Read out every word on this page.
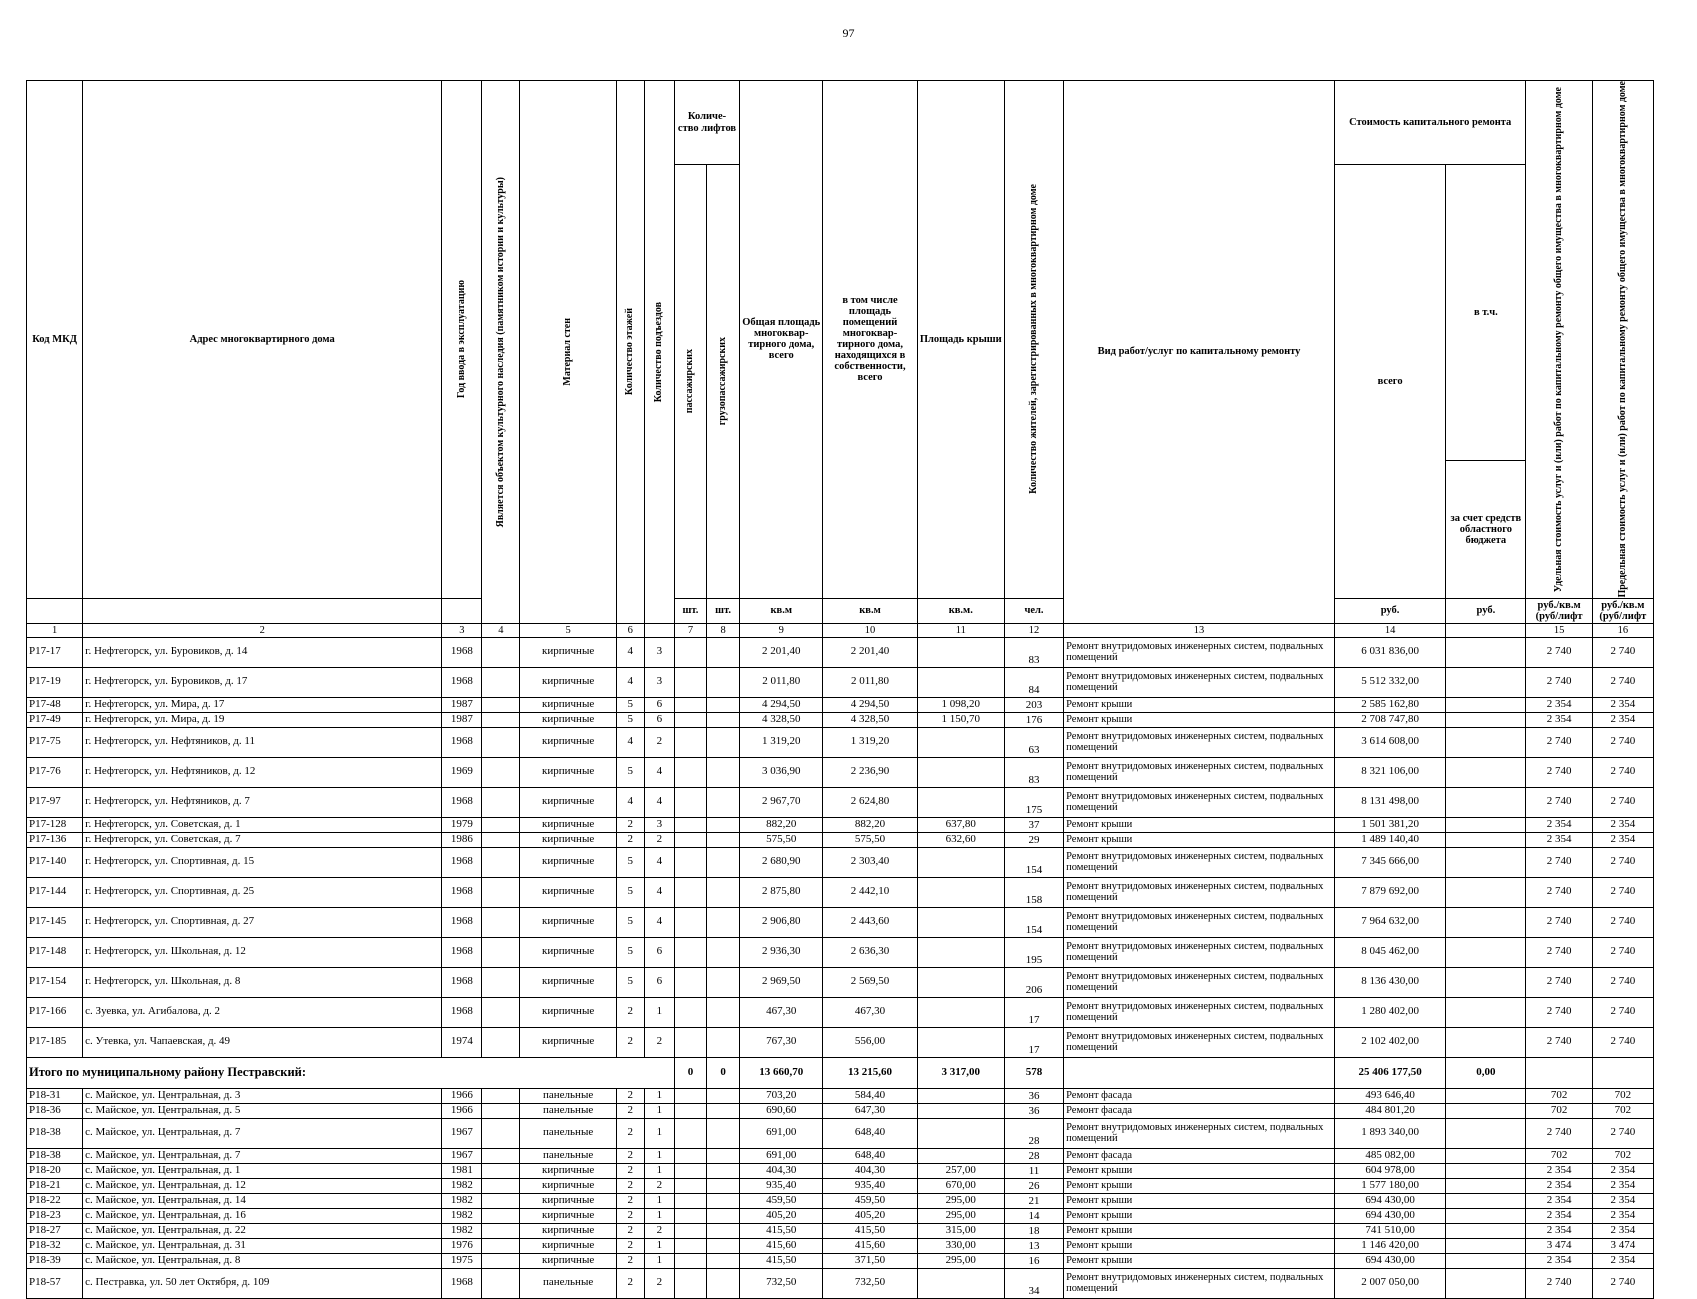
97
Код МКД	Адрес многоквартирного дома	Год ввода в эксплуатацию	Является объектом культурного наследия (памятником истории и культуры)	Материал стен	Количество этажей	Количество подъездов	Количе- ство лифтов		Общая площадь многоквар- тирного дома, всего	в том числе площадь помещений многоквар- тирного дома, находящихся в собственности, всего	Площадь крыши	Количество жителей, зарегистрированных в многоквартирном доме	Вид работ/услуг по капитальному ремонту	Стоимость капитального ремонта		Удельная стоимость услуг и (или) работ по капитальному ремонту общего имущества в многоквартирном доме	Предельная стоимость услуг и (или) работ по капитальному ремонту общего имущества в многоквартирном доме

							пассажирских	грузопассажирских						всего	в т.ч.		
															за счет средств областного бюджета		
							шт.	шт.	кв.м	кв.м	кв.м.	чел.		руб.	руб.	руб./кв.м (руб/лифт	руб./кв.м (руб/лифт
1	2	3	4	5	6		7	8	9	10	11	12	13	14		15	16
Р17-17	г. Нефтегорск, ул. Буровиков, д. 14	1968		кирпичные	4	3			2 201,40	2 201,40		83	Ремонт внутридомовых инженерных систем, подвальных помещений	6 031 836,00		2 740	2 740
Р17-19	г. Нефтегорск, ул. Буровиков, д. 17	1968		кирпичные	4	3			2 011,80	2 011,80		84	Ремонт внутридомовых инженерных систем, подвальных помещений	5 512 332,00		2 740	2 740
Р17-48	г. Нефтегорск, ул. Мира, д. 17	1987		кирпичные	5	6			4 294,50	4 294,50	1 098,20	203	Ремонт крыши	2 585 162,80		2 354	2 354
Р17-49	г. Нефтегорск, ул. Мира, д. 19	1987		кирпичные	5	6			4 328,50	4 328,50	1 150,70	176	Ремонт крыши	2 708 747,80		2 354	2 354
Р17-75	г. Нефтегорск, ул. Нефтяников, д. 11	1968		кирпичные	4	2			1 319,20	1 319,20		63	Ремонт внутридомовых инженерных систем, подвальных помещений	3 614 608,00		2 740	2 740
Р17-76	г. Нефтегорск, ул. Нефтяников, д. 12	1969		кирпичные	5	4			3 036,90	2 236,90		83	Ремонт внутридомовых инженерных систем, подвальных помещений	8 321 106,00		2 740	2 740
Р17-97	г. Нефтегорск, ул. Нефтяников, д. 7	1968		кирпичные	4	4			2 967,70	2 624,80		175	Ремонт внутридомовых инженерных систем, подвальных помещений	8 131 498,00		2 740	2 740
Р17-128	г. Нефтегорск, ул. Советская, д. 1	1979		кирпичные	2	3			882,20	882,20	637,80	37	Ремонт крыши	1 501 381,20		2 354	2 354
Р17-136	г. Нефтегорск, ул. Советская, д. 7	1986		кирпичные	2	2			575,50	575,50	632,60	29	Ремонт крыши	1 489 140,40		2 354	2 354
Р17-140	г. Нефтегорск, ул. Спортивная, д. 15	1968		кирпичные	5	4			2 680,90	2 303,40		154	Ремонт внутридомовых инженерных систем, подвальных помещений	7 345 666,00		2 740	2 740
Р17-144	г. Нефтегорск, ул. Спортивная, д. 25	1968		кирпичные	5	4			2 875,80	2 442,10		158	Ремонт внутридомовых инженерных систем, подвальных помещений	7 879 692,00		2 740	2 740
Р17-145	г. Нефтегорск, ул. Спортивная, д. 27	1968		кирпичные	5	4			2 906,80	2 443,60		154	Ремонт внутридомовых инженерных систем, подвальных помещений	7 964 632,00		2 740	2 740
Р17-148	г. Нефтегорск, ул. Школьная, д. 12	1968		кирпичные	5	6			2 936,30	2 636,30		195	Ремонт внутридомовых инженерных систем, подвальных помещений	8 045 462,00		2 740	2 740
Р17-154	г. Нефтегорск, ул. Школьная, д. 8	1968		кирпичные	5	6			2 969,50	2 569,50		206	Ремонт внутридомовых инженерных систем, подвальных помещений	8 136 430,00		2 740	2 740
Р17-166	с. Зуевка, ул. Агибалова, д. 2	1968		кирпичные	2	1			467,30	467,30		17	Ремонт внутридомовых инженерных систем, подвальных помещений	1 280 402,00		2 740	2 740
Р17-185	с. Утевка, ул. Чапаевская, д. 49	1974		кирпичные	2	2			767,30	556,00		17	Ремонт внутридомовых инженерных систем, подвальных помещений	2 102 402,00		2 740	2 740
Итого по муниципальному району Пестравский:							0	0	13 660,70	13 215,60	3 317,00	578		25 406 177,50	0,00		
Р18-31	с. Майское, ул. Центральная, д. 3	1966		панельные	2	1			703,20	584,40		36	Ремонт фасада	493 646,40		702	702
Р18-36	с. Майское, ул. Центральная, д. 5	1966		панельные	2	1			690,60	647,30		36	Ремонт фасада	484 801,20		702	702
Р18-38	с. Майское, ул. Центральная, д. 7	1967		панельные	2	1			691,00	648,40		28	Ремонт внутридомовых инженерных систем, подвальных помещений	1 893 340,00		2 740	2 740
Р18-38	с. Майское, ул. Центральная, д. 7	1967		панельные	2	1			691,00	648,40		28	Ремонт фасада	485 082,00		702	702
Р18-20	с. Майское, ул. Центральная, д. 1	1981		кирпичные	2	1			404,30	404,30	257,00	11	Ремонт крыши	604 978,00		2 354	2 354
Р18-21	с. Майское, ул. Центральная, д. 12	1982		кирпичные	2	2			935,40	935,40	670,00	26	Ремонт крыши	1 577 180,00		2 354	2 354
Р18-22	с. Майское, ул. Центральная, д. 14	1982		кирпичные	2	1			459,50	459,50	295,00	21	Ремонт крыши	694 430,00		2 354	2 354
Р18-23	с. Майское, ул. Центральная, д. 16	1982		кирпичные	2	1			405,20	405,20	295,00	14	Ремонт крыши	694 430,00		2 354	2 354
Р18-27	с. Майское, ул. Центральная, д. 22	1982		кирпичные	2	2			415,50	415,50	315,00	18	Ремонт крыши	741 510,00		2 354	2 354
Р18-32	с. Майское, ул. Центральная, д. 31	1976		кирпичные	2	1			415,60	415,60	330,00	13	Ремонт крыши	1 146 420,00		3 474	3 474
Р18-39	с. Майское, ул. Центральная, д. 8	1975		кирпичные	2	1			415,50	371,50	295,00	16	Ремонт крыши	694 430,00		2 354	2 354
Р18-57	с. Пестравка, ул. 50 лет Октября, д. 109	1968		панельные	2	2			732,50	732,50		34	Ремонт внутридомовых инженерных систем, подвальных помещений	2 007 050,00		2 740	2 740
